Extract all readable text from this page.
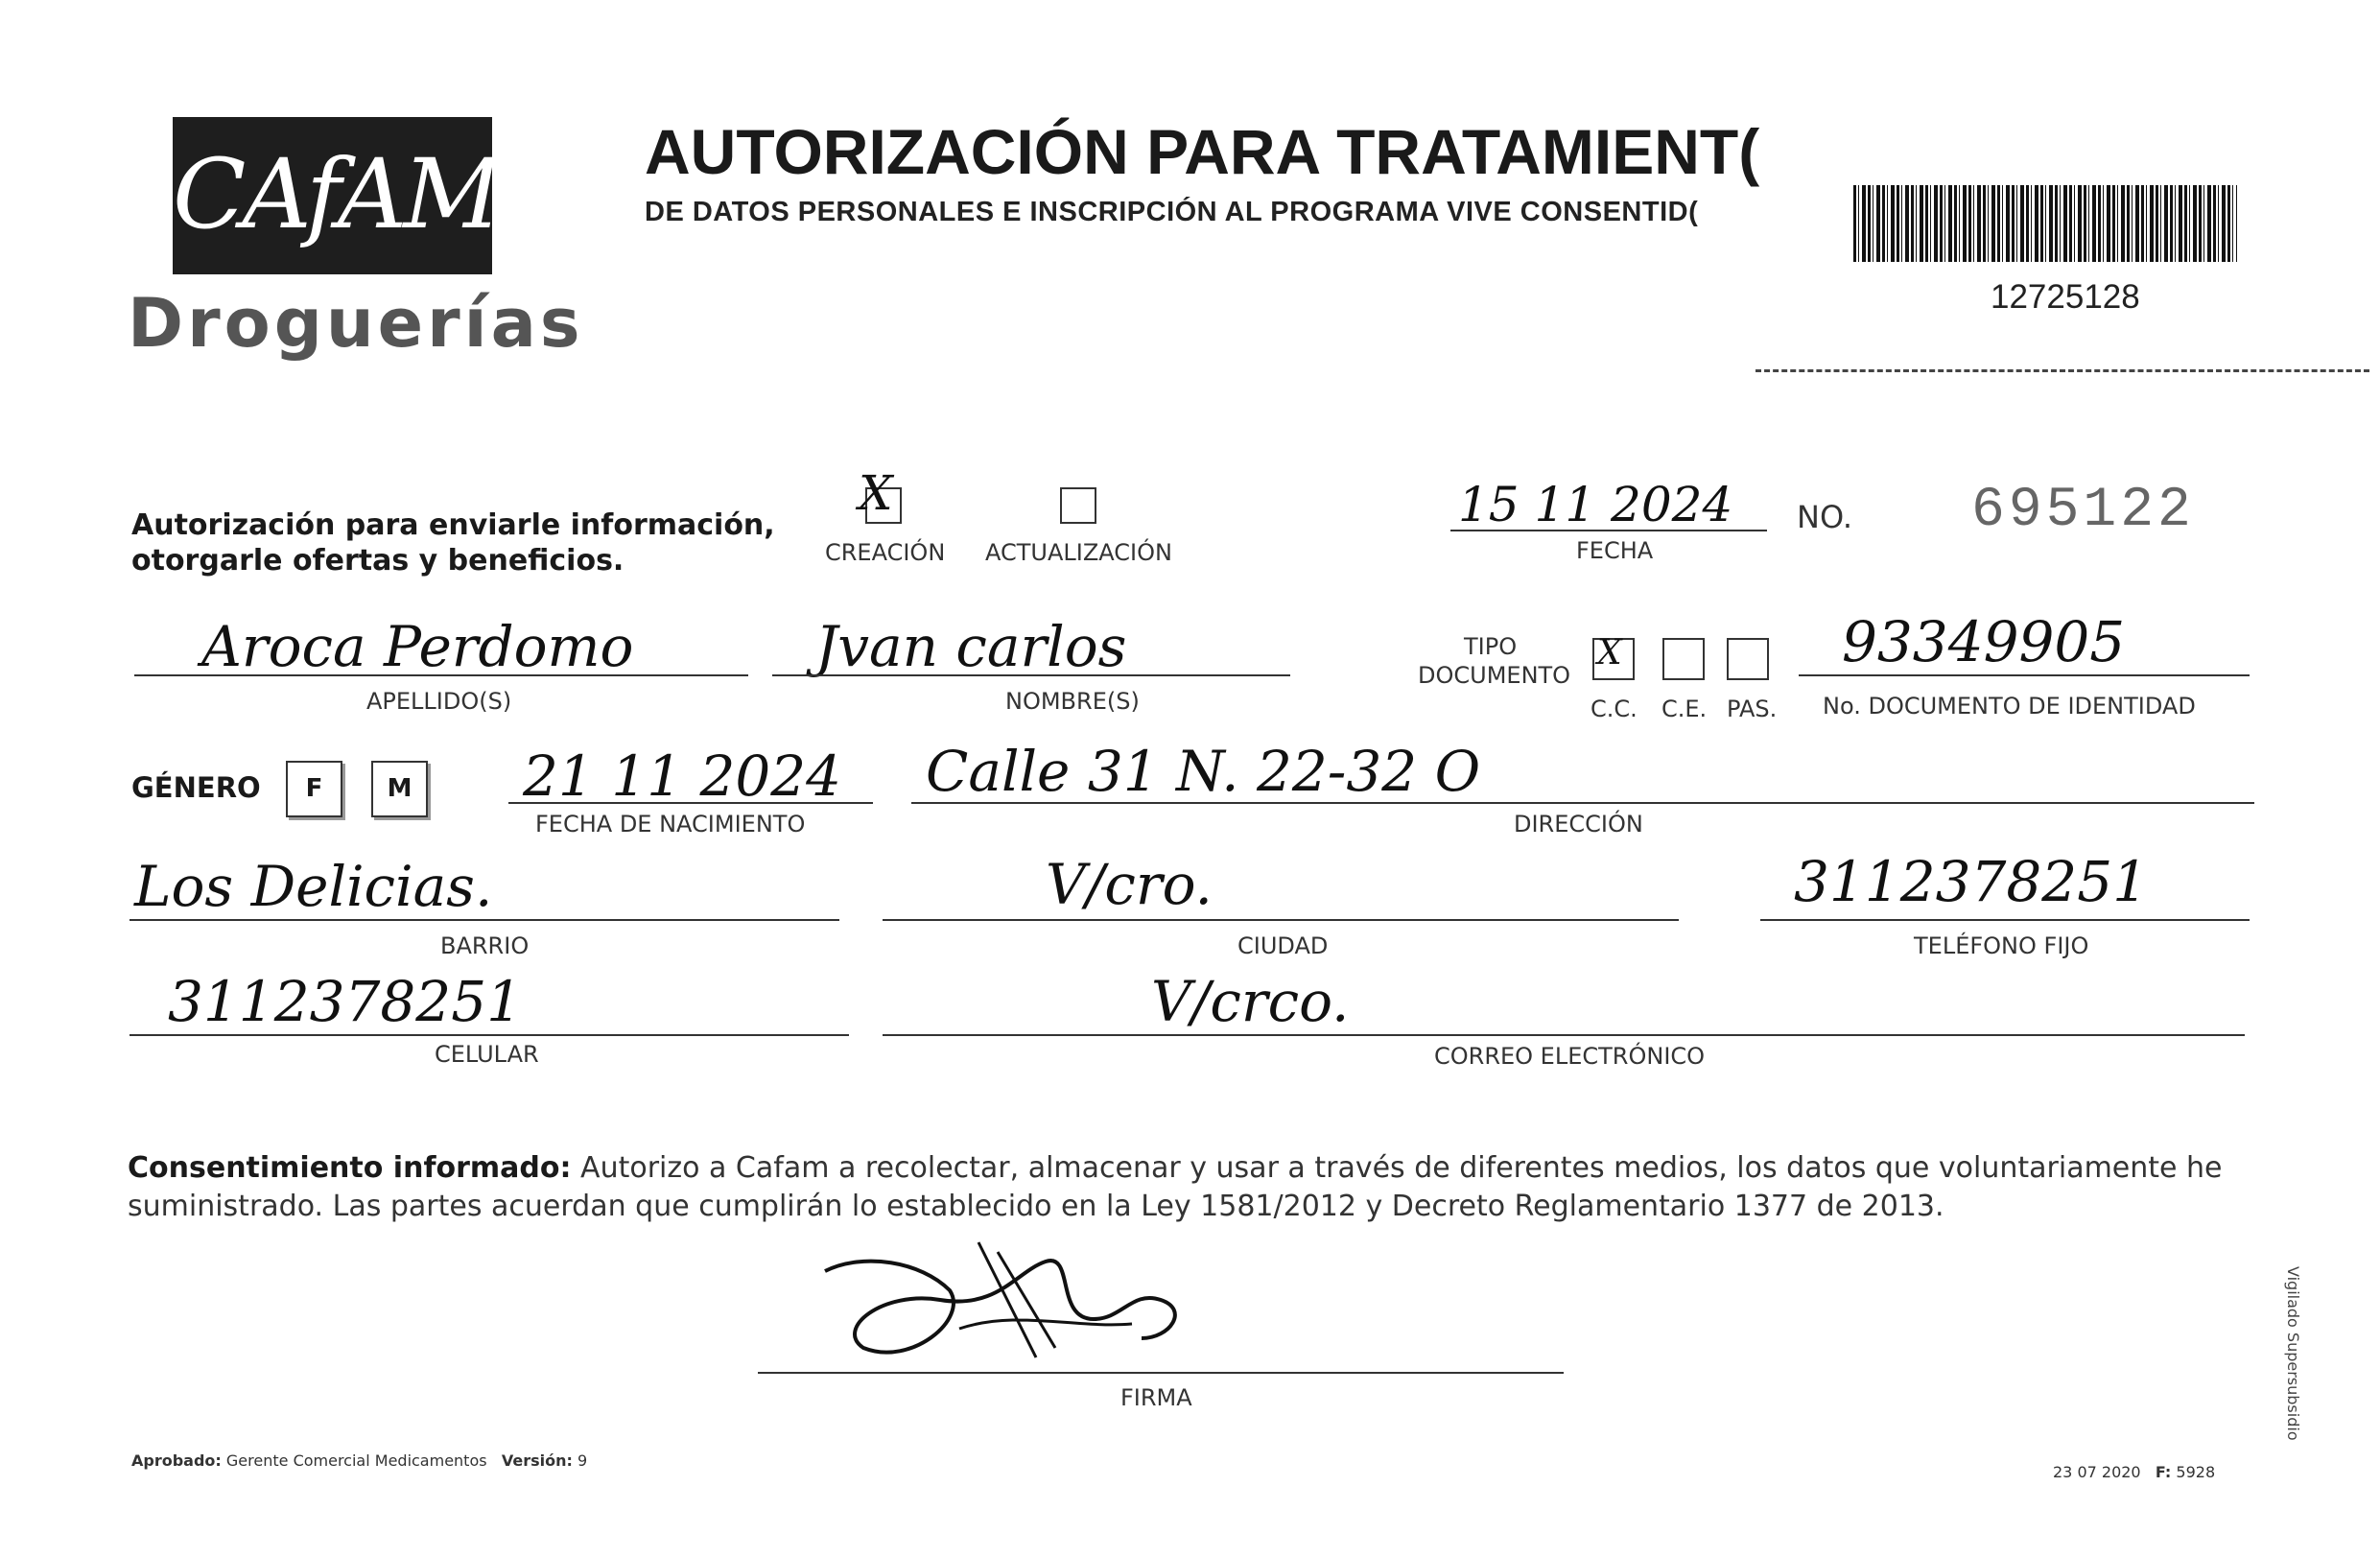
CAfAM
Droguerías
AUTORIZACIÓN PARA TRATAMIENT(
DE DATOS PERSONALES E INSCRIPCIÓN AL PROGRAMA VIVE CONSENTID(
12725128
Autorización para enviarle información,
otorgarle ofertas y beneficios.
X
CREACIÓN ACTUALIZACIÓN
15 11 2024
FECHA
NO. 695122
Aroca Perdomo
APELLIDO(S)
Jvan carlos
NOMBRE(S)
TIPO
DOCUMENTO
X
C.C. C.E. PAS.
93349905
No. DOCUMENTO DE IDENTIDAD
GÉNERO	F	M 21 11 2024
FECHA DE NACIMIENTO
Calle 31 N. 22-32 O
DIRECCIÓN
Los Delicias.
BARRIO
V/cro.
CIUDAD
3112378251
TELÉFONO FIJO
3112378251
CELULAR
V/crco.
CORREO ELECTRÓNICO
Consentimiento informado: Autorizo a Cafam a recolectar, almacenar y usar a través de diferentes medios, los datos que voluntariamente he suministrado. Las partes acuerdan que cumplirán lo establecido en la Ley 1581/2012 y Decreto Reglamentario 1377 de 2013.
FIRMA
Aprobado: Gerente Comercial Medicamentos Versión: 9
23 07 2020 F: 5928
Vigilado Supersubsidio
